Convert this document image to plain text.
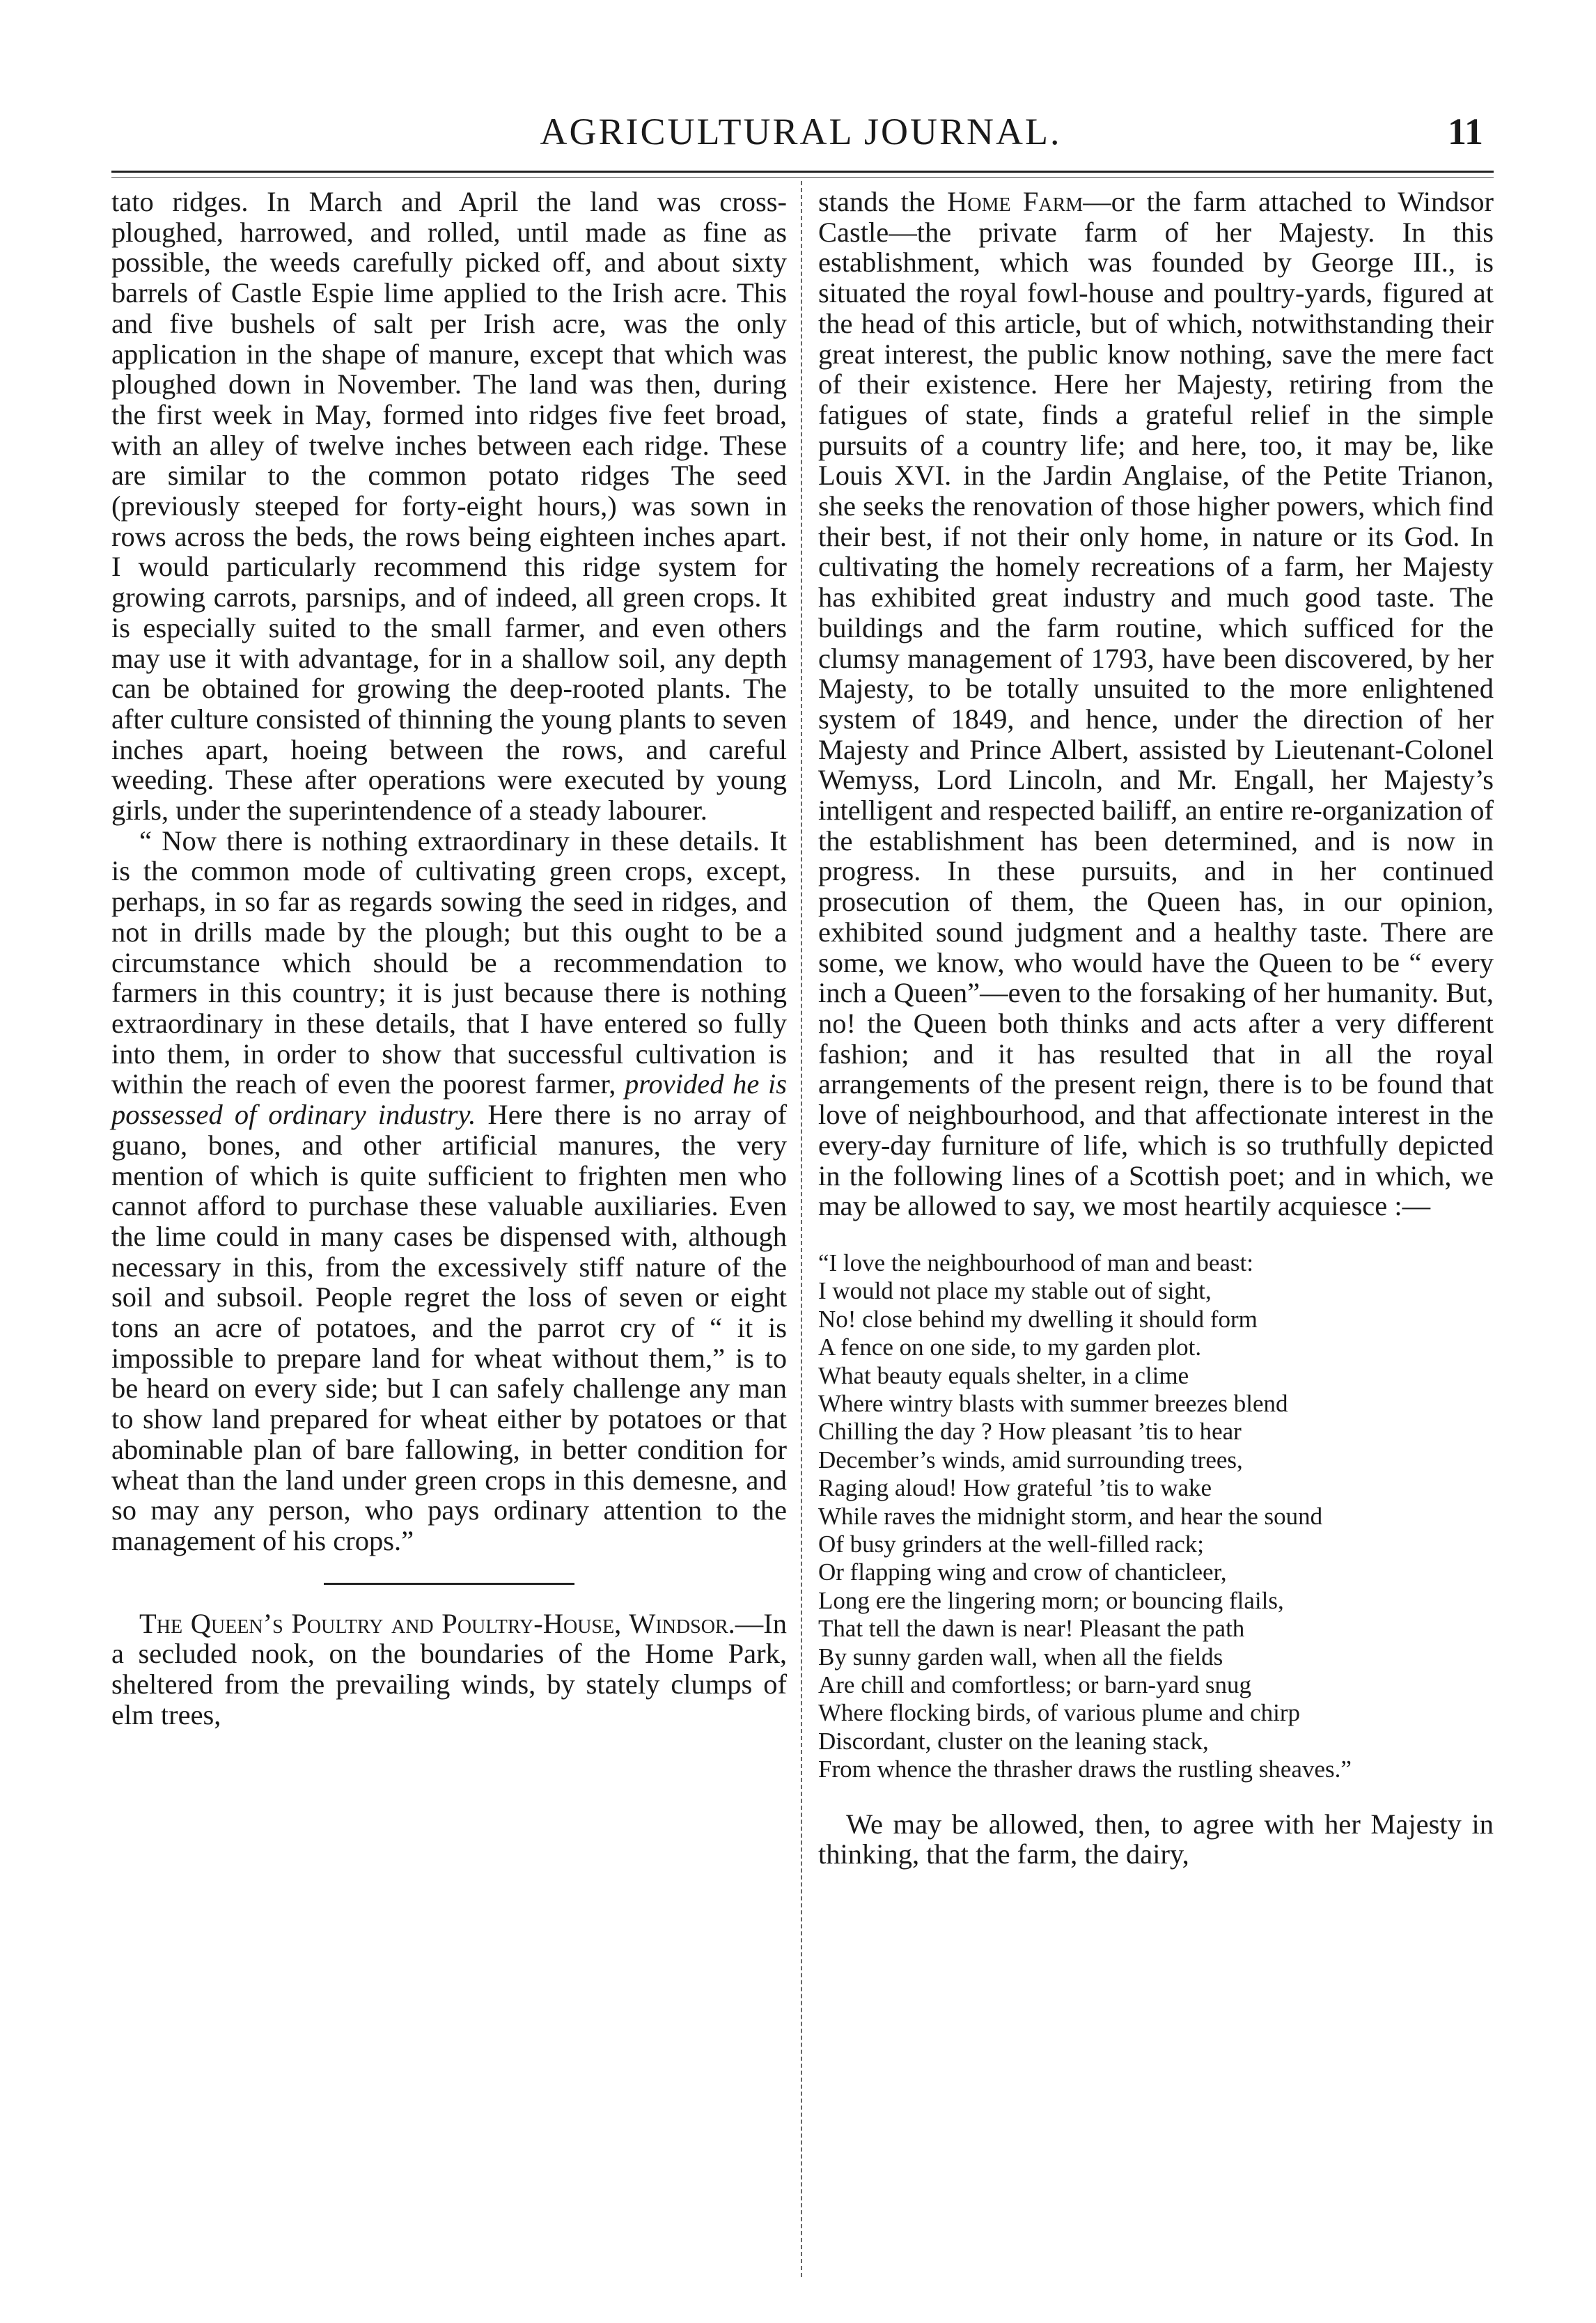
AGRICULTURAL JOURNAL.	11

tato ridges. In March and April the land was cross-ploughed, harrowed, and rolled, until made as fine as possible, the weeds carefully picked off, and about sixty barrels of Castle Espie lime applied to the Irish acre. This and five bushels of salt per Irish acre, was the only application in the shape of manure, except that which was ploughed down in November. The land was then, during the first week in May, formed into ridges five feet broad, with an alley of twelve inches between each ridge. These are similar to the common potato ridges The seed (previously steeped for forty-eight hours,) was sown in rows across the beds, the rows being eighteen inches apart. I would particularly recommend this ridge system for growing carrots, parsnips, and of indeed, all green crops. It is especially suited to the small farmer, and even others may use it with advantage, for in a shallow soil, any depth can be obtained for growing the deep-rooted plants. The after culture consisted of thinning the young plants to seven inches apart, hoeing between the rows, and careful weeding. These after operations were executed by young girls, under the superintendence of a steady labourer.

“ Now there is nothing extraordinary in these details. It is the common mode of cultivating green crops, except, perhaps, in so far as regards sowing the seed in ridges, and not in drills made by the plough; but this ought to be a circumstance which should be a recommendation to farmers in this country; it is just because there is nothing extraordinary in these details, that I have entered so fully into them, in order to show that successful cultivation is within the reach of even the poorest farmer, provided he is possessed of ordinary industry. Here there is no array of guano, bones, and other artificial manures, the very mention of which is quite sufficient to frighten men who cannot afford to purchase these valuable auxiliaries. Even the lime could in many cases be dispensed with, although necessary in this, from the excessively stiff nature of the soil and subsoil. People regret the loss of seven or eight tons an acre of potatoes, and the parrot cry of “ it is impossible to prepare land for wheat without them,” is to be heard on every side; but I can safely challenge any man to show land prepared for wheat either by potatoes or that abominable plan of bare fallowing, in better condition for wheat than the land under green crops in this demesne, and so may any person, who pays ordinary attention to the management of his crops.”

The Queen’s Poultry and Poultry-House, Windsor.—In a secluded nook, on the boundaries of the Home Park, sheltered from the prevailing winds, by stately clumps of elm trees,

stands the Home Farm—or the farm attached to Windsor Castle—the private farm of her Majesty. In this establishment, which was founded by George III., is situated the royal fowl-house and poultry-yards, figured at the head of this article, but of which, notwithstanding their great interest, the public know nothing, save the mere fact of their existence. Here her Majesty, retiring from the fatigues of state, finds a grateful relief in the simple pursuits of a country life; and here, too, it may be, like Louis XVI. in the Jardin Anglaise, of the Petite Trianon, she seeks the renovation of those higher powers, which find their best, if not their only home, in nature or its God. In cultivating the homely recreations of a farm, her Majesty has exhibited great industry and much good taste. The buildings and the farm routine, which sufficed for the clumsy management of 1793, have been discovered, by her Majesty, to be totally unsuited to the more enlightened system of 1849, and hence, under the direction of her Majesty and Prince Albert, assisted by Lieutenant-Colonel Wemyss, Lord Lincoln, and Mr. Engall, her Majesty’s intelligent and respected bailiff, an entire re-organization of the establishment has been determined, and is now in progress. In these pursuits, and in her continued prosecution of them, the Queen has, in our opinion, exhibited sound judgment and a healthy taste. There are some, we know, who would have the Queen to be “ every inch a Queen”—even to the forsaking of her humanity. But, no! the Queen both thinks and acts after a very different fashion; and it has resulted that in all the royal arrangements of the present reign, there is to be found that love of neighbourhood, and that affectionate interest in the every-day furniture of life, which is so truthfully depicted in the following lines of a Scottish poet; and in which, we may be allowed to say, we most heartily acquiesce :—

“I love the neighbourhood of man and beast:
I would not place my stable out of sight,
No! close behind my dwelling it should form
A fence on one side, to my garden plot.
What beauty equals shelter, in a clime
Where wintry blasts with summer breezes blend
Chilling the day ? How pleasant ’tis to hear
December’s winds, amid surrounding trees,
Raging aloud! How grateful ’tis to wake
While raves the midnight storm, and hear the sound
Of busy grinders at the well-filled rack;
Or flapping wing and crow of chanticleer,
Long ere the lingering morn; or bouncing flails,
That tell the dawn is near! Pleasant the path
By sunny garden wall, when all the fields
Are chill and comfortless; or barn-yard snug
Where flocking birds, of various plume and chirp
Discordant, cluster on the leaning stack,
From whence the thrasher draws the rustling sheaves.”

We may be allowed, then, to agree with her Majesty in thinking, that the farm, the dairy,
